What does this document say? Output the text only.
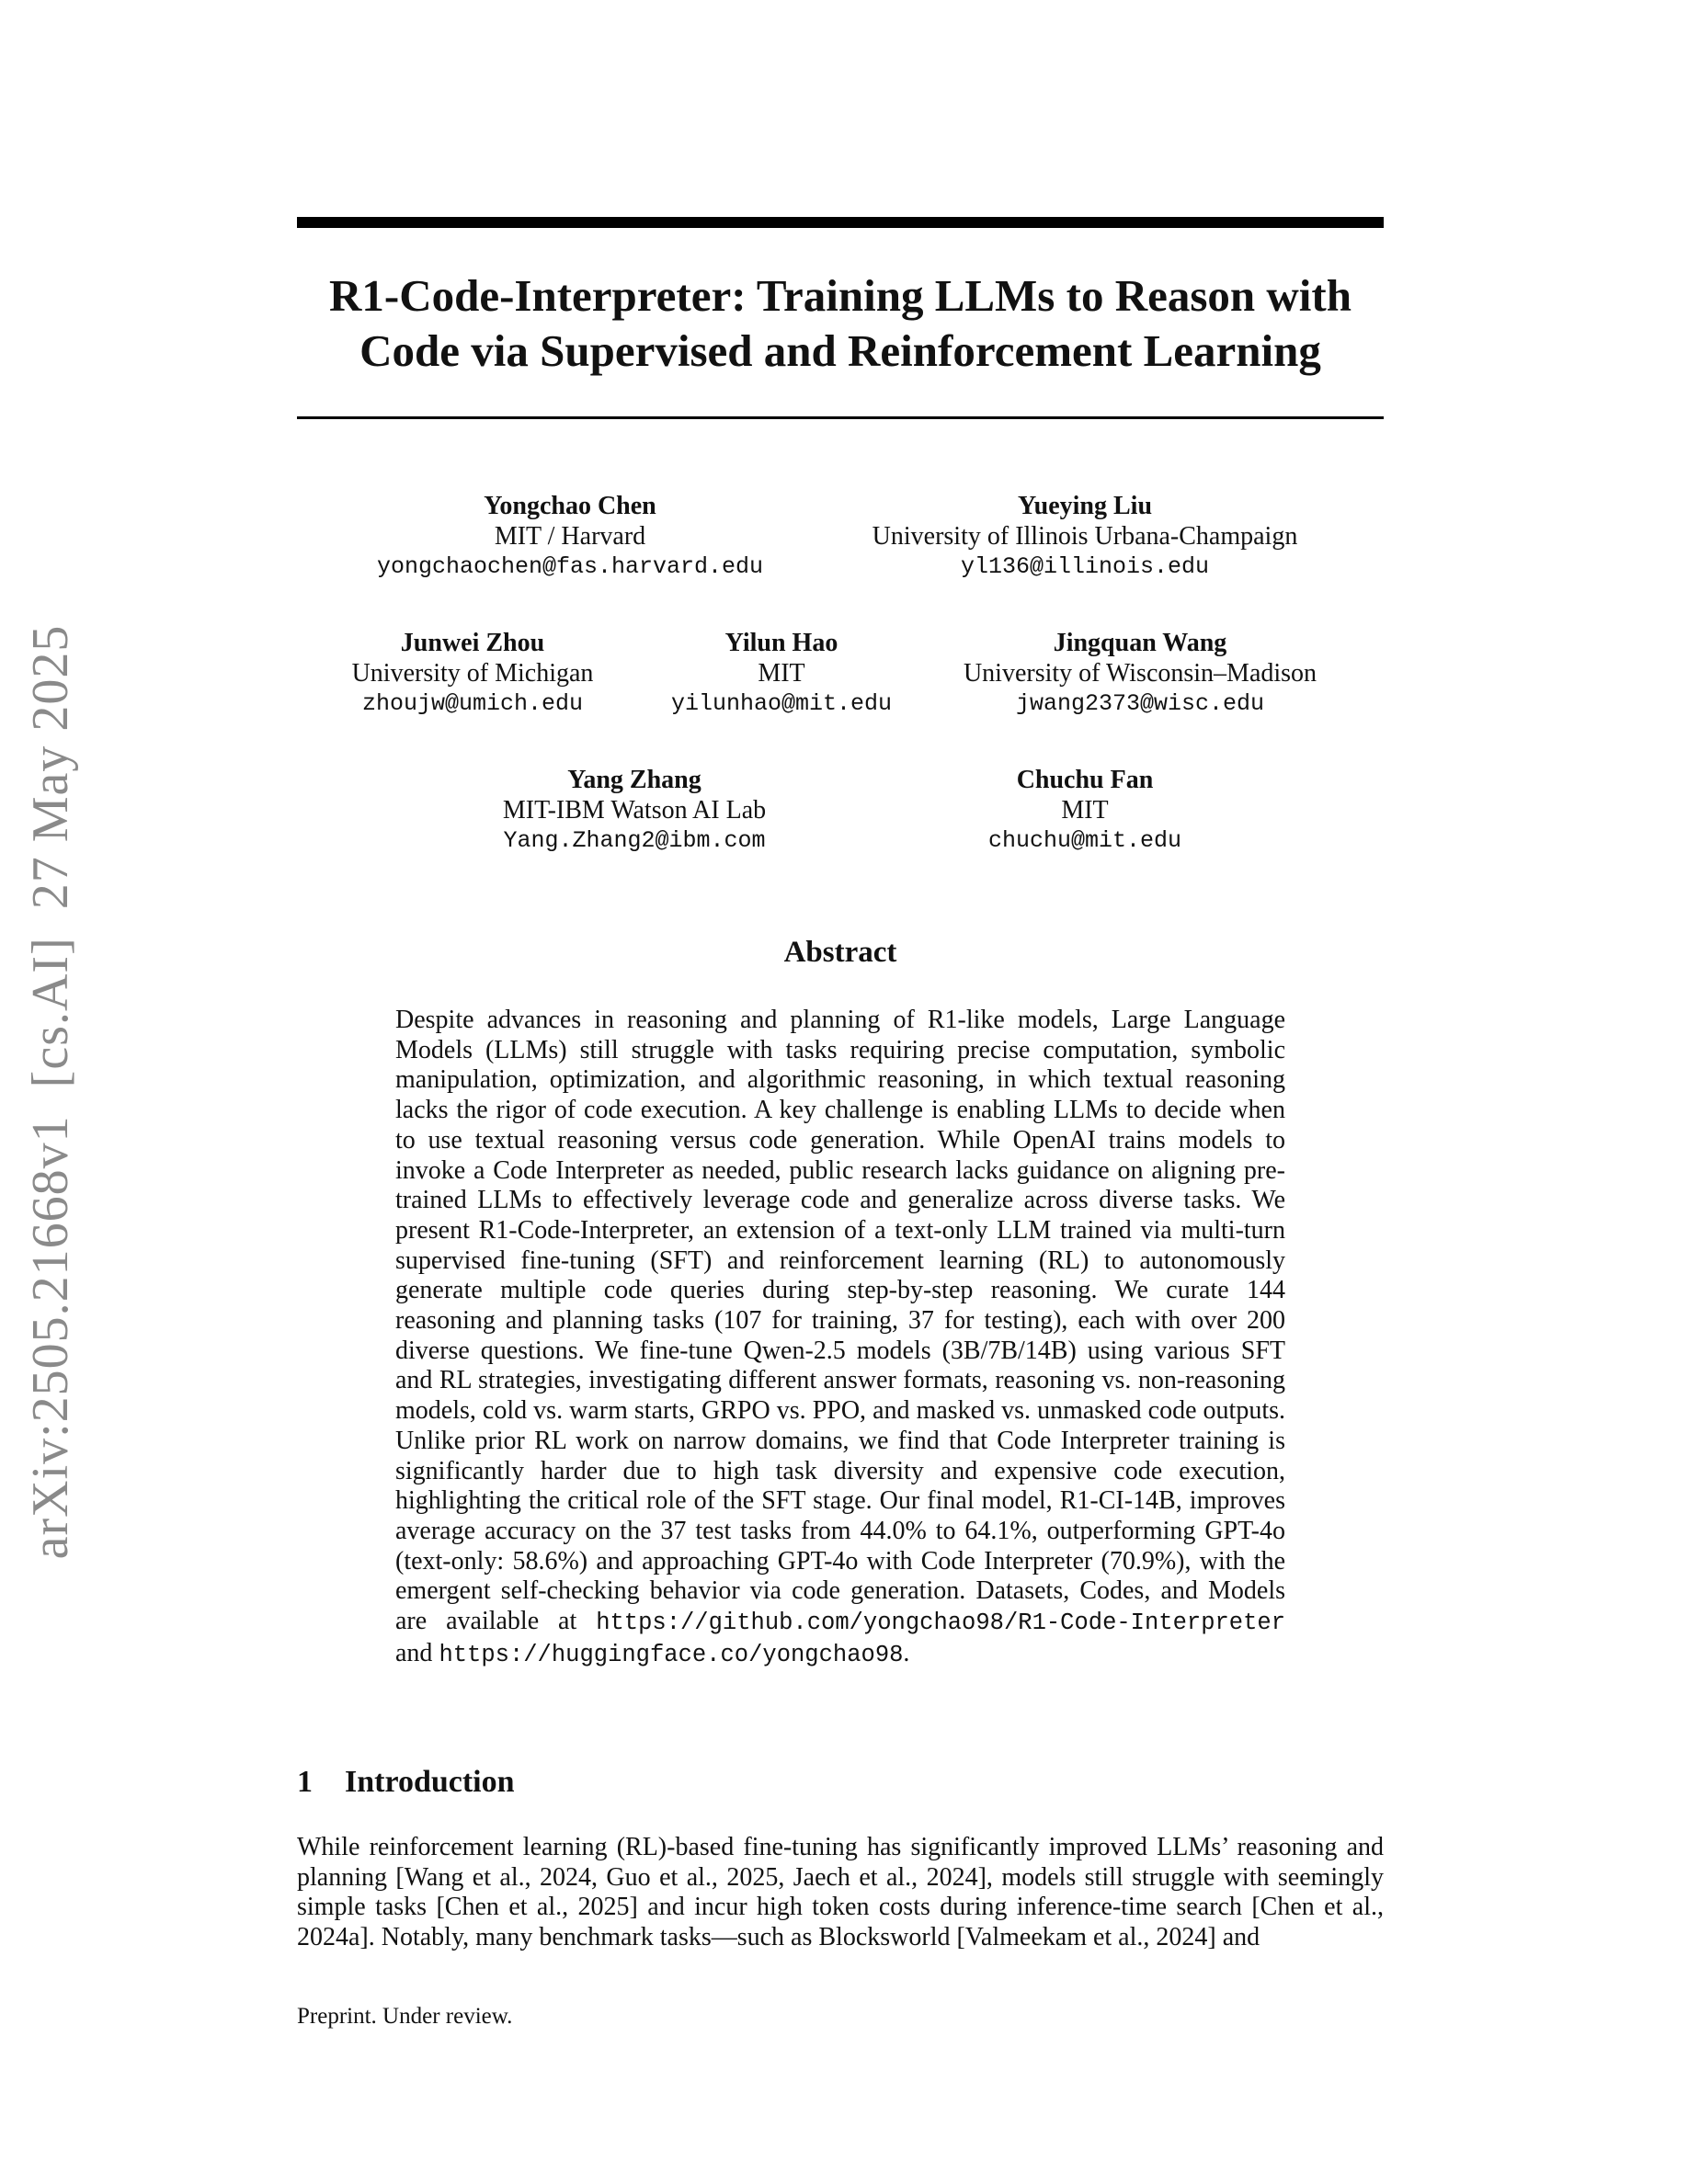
arXiv:2505.21668v1  [cs.AI]  27 May 2025
R1-Code-Interpreter: Training LLMs to Reason with
Code via Supervised and Reinforcement Learning
Yongchao Chen
MIT / Harvard
yongchaochen@fas.harvard.edu
Yueying Liu
University of Illinois Urbana-Champaign
yl136@illinois.edu
Junwei Zhou
University of Michigan
zhoujw@umich.edu
Yilun Hao
MIT
yilunhao@mit.edu
Jingquan Wang
University of Wisconsin–Madison
jwang2373@wisc.edu
Yang Zhang
MIT-IBM Watson AI Lab
Yang.Zhang2@ibm.com
Chuchu Fan
MIT
chuchu@mit.edu
Abstract

Despite advances in reasoning and planning of R1-like models, Large Language Models (LLMs) still struggle with tasks requiring precise computation, symbolic manipulation, optimization, and algorithmic reasoning, in which textual reasoning lacks the rigor of code execution. A key challenge is enabling LLMs to decide when to use textual reasoning versus code generation. While OpenAI trains models to invoke a Code Interpreter as needed, public research lacks guidance on aligning pre-trained LLMs to effectively leverage code and generalize across diverse tasks. We present R1-Code-Interpreter, an extension of a text-only LLM trained via multi-turn supervised fine-tuning (SFT) and reinforcement learning (RL) to autonomously generate multiple code queries during step-by-step reasoning. We curate 144 reasoning and planning tasks (107 for training, 37 for testing), each with over 200 diverse questions. We fine-tune Qwen-2.5 models (3B/7B/14B) using various SFT and RL strategies, investigating different answer formats, reasoning vs. non-reasoning models, cold vs. warm starts, GRPO vs. PPO, and masked vs. unmasked code outputs. Unlike prior RL work on narrow domains, we find that Code Interpreter training is significantly harder due to high task diversity and expensive code execution, highlighting the critical role of the SFT stage. Our final model, R1-CI-14B, improves average accuracy on the 37 test tasks from 44.0% to 64.1%, outperforming GPT-4o (text-only: 58.6%) and approaching GPT-4o with Code Interpreter (70.9%), with the emergent self-checking behavior via code generation. Datasets, Codes, and Models are available at https://github.com/yongchao98/R1-Code-Interpreter and https://huggingface.co/yongchao98.

1 Introduction

While reinforcement learning (RL)-based fine-tuning has significantly improved LLMs’ reasoning and planning [Wang et al., 2024, Guo et al., 2025, Jaech et al., 2024], models still struggle with seemingly simple tasks [Chen et al., 2025] and incur high token costs during inference-time search [Chen et al., 2024a]. Notably, many benchmark tasks—such as Blocksworld [Valmeekam et al., 2024] and

Preprint. Under review.
